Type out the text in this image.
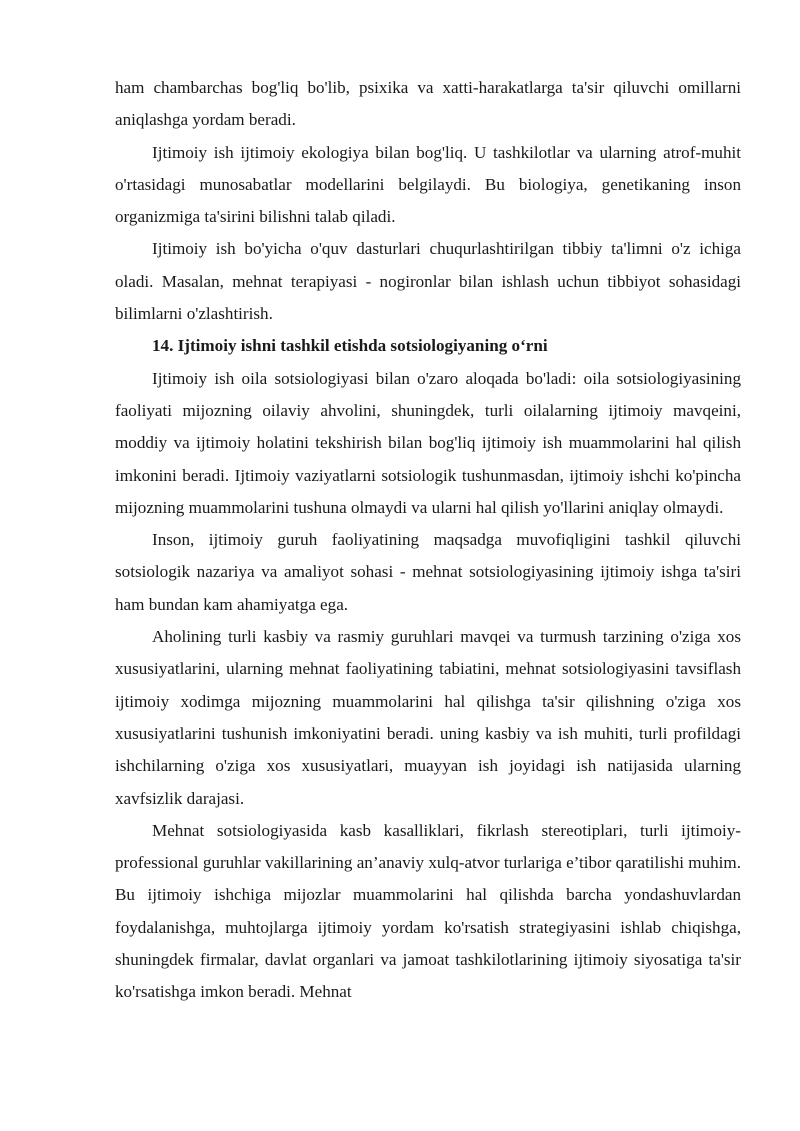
ham chambarchas bog'liq bo'lib, psixika va xatti-harakatlarga ta'sir qiluvchi omillarni aniqlashga yordam beradi.

Ijtimoiy ish ijtimoiy ekologiya bilan bog'liq. U tashkilotlar va ularning atrof-muhit o'rtasidagi munosabatlar modellarini belgilaydi. Bu biologiya, genetikaning inson organizmiga ta'sirini bilishni talab qiladi.

Ijtimoiy ish bo'yicha o'quv dasturlari chuqurlashtirilgan tibbiy ta'limni o'z ichiga oladi. Masalan, mehnat terapiyasi - nogironlar bilan ishlash uchun tibbiyot sohasidagi bilimlarni o'zlashtirish.

14. Ijtimoiy ishni tashkil etishda sotsiologiyaning o‘rni

Ijtimoiy ish oila sotsiologiyasi bilan o'zaro aloqada bo'ladi: oila sotsiologiyasining faoliyati mijozning oilaviy ahvolini, shuningdek, turli oilalarning ijtimoiy mavqeini, moddiy va ijtimoiy holatini tekshirish bilan bog'liq ijtimoiy ish muammolarini hal qilish imkonini beradi. Ijtimoiy vaziyatlarni sotsiologik tushunmasdan, ijtimoiy ishchi ko'pincha mijozning muammolarini tushuna olmaydi va ularni hal qilish yo'llarini aniqlay olmaydi.

Inson, ijtimoiy guruh faoliyatining maqsadga muvofiqligini tashkil qiluvchi sotsiologik nazariya va amaliyot sohasi - mehnat sotsiologiyasining ijtimoiy ishga ta'siri ham bundan kam ahamiyatga ega.

Aholining turli kasbiy va rasmiy guruhlari mavqei va turmush tarzining o'ziga xos xususiyatlarini, ularning mehnat faoliyatining tabiatini, mehnat sotsiologiyasini tavsiflash ijtimoiy xodimga mijozning muammolarini hal qilishga ta'sir qilishning o'ziga xos xususiyatlarini tushunish imkoniyatini beradi. uning kasbiy va ish muhiti, turli profildagi ishchilarning o'ziga xos xususiyatlari, muayyan ish joyidagi ish natijasida ularning xavfsizlik darajasi.

Mehnat sotsiologiyasida kasb kasalliklari, fikrlash stereotiplari, turli ijtimoiy-professional guruhlar vakillarining an’anaviy xulq-atvor turlariga e’tibor qaratilishi muhim. Bu ijtimoiy ishchiga mijozlar muammolarini hal qilishda barcha yondashuvlardan foydalanishga, muhtojlarga ijtimoiy yordam ko'rsatish strategiyasini ishlab chiqishga, shuningdek firmalar, davlat organlari va jamoat tashkilotlarining ijtimoiy siyosatiga ta'sir ko'rsatishga imkon beradi. Mehnat
